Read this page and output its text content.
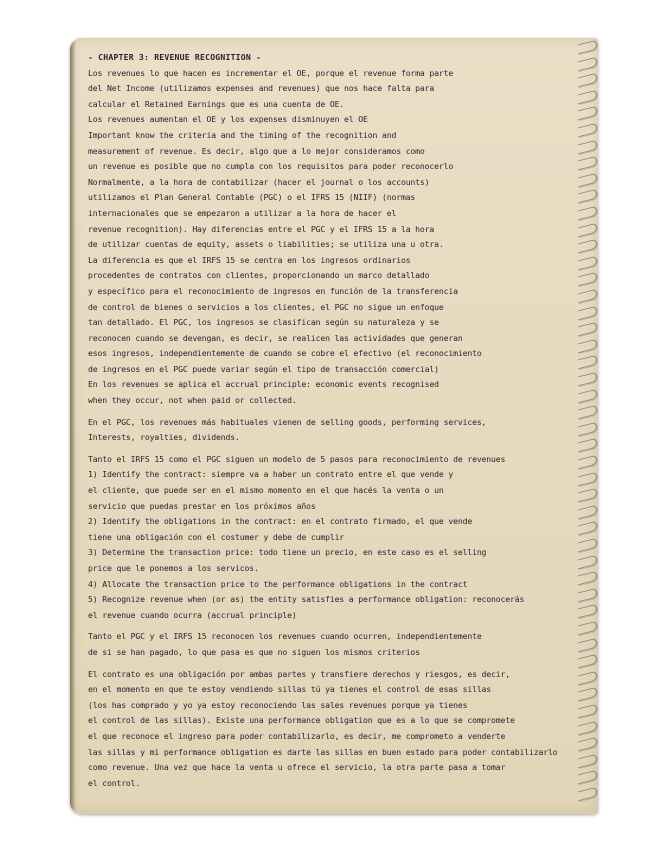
- CHAPTER 3: REVENUE RECOGNITION -
Los revenues lo que hacen es incrementar el OE, porque el revenue forma parte
del Net Income (utilizamos expenses and revenues) que nos hace falta para
calcular el Retained Earnings que es una cuenta de OE.
Los revenues aumentan el OE y los expenses disminuyen el OE
Important know the criteria and the timing of the recognition and
measurement of revenue. Es decir, algo que a lo mejor consideramos como
un revenue es posible que no cumpla con los requisitos para poder reconocerlo
Normalmente, a la hora de contabilizar (hacer el journal o los accounts)
utilizamos el Plan General Contable (PGC) o el IFRS 15 (NIIF) (normas
internacionales que se empezaron a utilizar a la hora de hacer el
revenue recognition). Hay diferencias entre el PGC y el IFRS 15 a la hora
de utilizar cuentas de equity, assets o liabilities; se utiliza una u otra.
La diferencia es que el IRFS 15 se centra en los ingresos ordinarios
procedentes de contratos con clientes, proporcionando un marco detallado
y específico para el reconocimiento de ingresos en función de la transferencia
de control de bienes o servicios a los clientes, el PGC no sigue un enfoque
tan detallado. El PGC, los ingresos se clasifican según su naturaleza y se
reconocen cuando se devengan, es decir, se realicen las actividades que generan
esos ingresos, independientemente de cuando se cobre el efectivo (el reconocimiento
de ingresos en el PGC puede variar según el tipo de transacción comercial)
En los revenues se aplica el accrual principle: economic events recognised
when they occur, not when paid or collected.
En el PGC, los revenues más habituales vienen de selling goods, performing services,
Interests, royalties, dividends.
Tanto el IRFS 15 como el PGC siguen un modelo de 5 pasos para reconocimiento de revenues
1) Identify the contract: siempre va a haber un contrato entre el que vende y
el cliente, que puede ser en el mismo momento en el que hacés la venta o un
servicio que puedas prestar en los próximos años
2) Identify the obligations in the contract: en el contrato firmado, el que vende
tiene una obligación con el costumer y debe de cumplir
3) Determine the transaction price: todo tiene un precio, en este caso es el selling
price que le ponemos a los servicos.
4) Allocate the transaction price to the performance obligations in the contract
5) Recognize revenue when (or as) the entity satisfies a performance obligation: reconocerás
el revenue cuando ocurra (accrual principle)
Tanto el PGC y el IRFS 15 reconocen los revenues cuando ocurren, independientemente
de si se han pagado, lo que pasa es que no siguen los mismos criterios
El contrato es una obligación por ambas partes y transfiere derechos y riesgos, es decir,
en el momento en que te estoy vendiendo sillas tú ya tienes el control de esas sillas
(los has comprado y yo ya estoy reconociendo las sales revenues porque ya tienes
el control de las sillas). Existe una performance obligation que es a lo que se compromete
el que reconoce el ingreso para poder contabilizarlo, es decir, me comprometo a venderte
las sillas y mi performance obligation es darte las sillas en buen estado para poder contabilizarlo
como revenue. Una vez que hace la venta u ofrece el servicio, la otra parte pasa a tomar
el control.
